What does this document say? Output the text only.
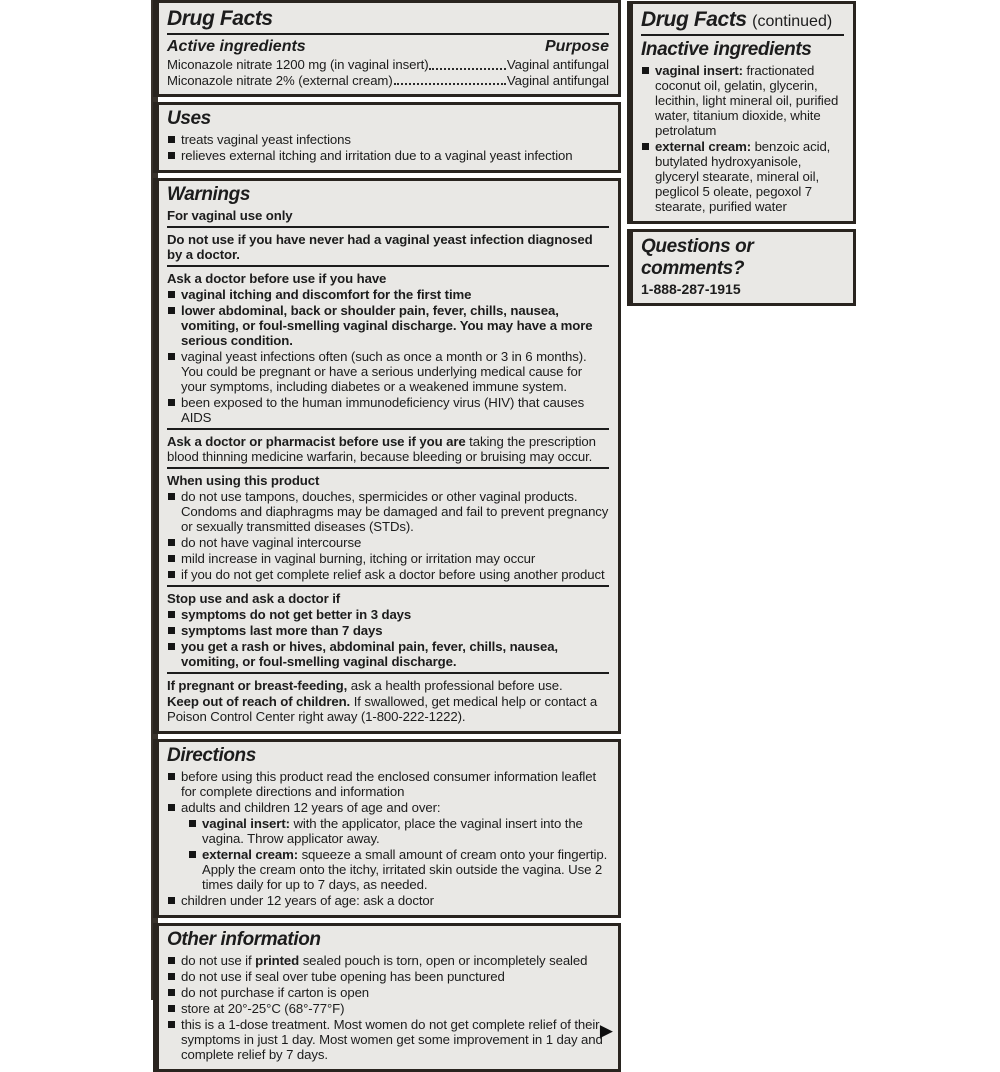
Drug Facts
Active ingredients	Purpose
Miconazole nitrate 1200 mg (in vaginal insert)	Vaginal antifungal
Miconazole nitrate 2% (external cream)	Vaginal antifungal
Uses
treats vaginal yeast infections
relieves external itching and irritation due to a vaginal yeast infection
Warnings
For vaginal use only
Do not use if you have never had a vaginal yeast infection diagnosed by a doctor.
Ask a doctor before use if you have
vaginal itching and discomfort for the first time
lower abdominal, back or shoulder pain, fever, chills, nausea, vomiting, or foul-smelling vaginal discharge. You may have a more serious condition.
vaginal yeast infections often (such as once a month or 3 in 6 months). You could be pregnant or have a serious underlying medical cause for your symptoms, including diabetes or a weakened immune system.
been exposed to the human immunodeficiency virus (HIV) that causes AIDS
Ask a doctor or pharmacist before use if you are taking the prescription blood thinning medicine warfarin, because bleeding or bruising may occur.
When using this product
do not use tampons, douches, spermicides or other vaginal products. Condoms and diaphragms may be damaged and fail to prevent pregnancy or sexually transmitted diseases (STDs).
do not have vaginal intercourse
mild increase in vaginal burning, itching or irritation may occur
if you do not get complete relief ask a doctor before using another product
Stop use and ask a doctor if
symptoms do not get better in 3 days
symptoms last more than 7 days
you get a rash or hives, abdominal pain, fever, chills, nausea, vomiting, or foul-smelling vaginal discharge.
If pregnant or breast-feeding, ask a health professional before use.
Keep out of reach of children. If swallowed, get medical help or contact a Poison Control Center right away (1-800-222-1222).
Directions
before using this product read the enclosed consumer information leaflet for complete directions and information
adults and children 12 years of age and over:
vaginal insert: with the applicator, place the vaginal insert into the vagina. Throw applicator away.
external cream: squeeze a small amount of cream onto your fingertip. Apply the cream onto the itchy, irritated skin outside the vagina. Use 2 times daily for up to 7 days, as needed.
children under 12 years of age: ask a doctor
Other information
do not use if printed sealed pouch is torn, open or incompletely sealed
do not use if seal over tube opening has been punctured
do not purchase if carton is open
store at 20°-25°C (68°-77°F)
this is a 1-dose treatment. Most women do not get complete relief of their symptoms in just 1 day. Most women get some improvement in 1 day and complete relief by 7 days.
▶
Drug Facts (continued)
Inactive ingredients
vaginal insert: fractionated coconut oil, gelatin, glycerin, lecithin, light mineral oil, purified water, titanium dioxide, white petrolatum
external cream: benzoic acid, butylated hydroxyanisole, glyceryl stearate, mineral oil, peglicol 5 oleate, pegoxol 7 stearate, purified water
Questions or comments?
1-888-287-1915
